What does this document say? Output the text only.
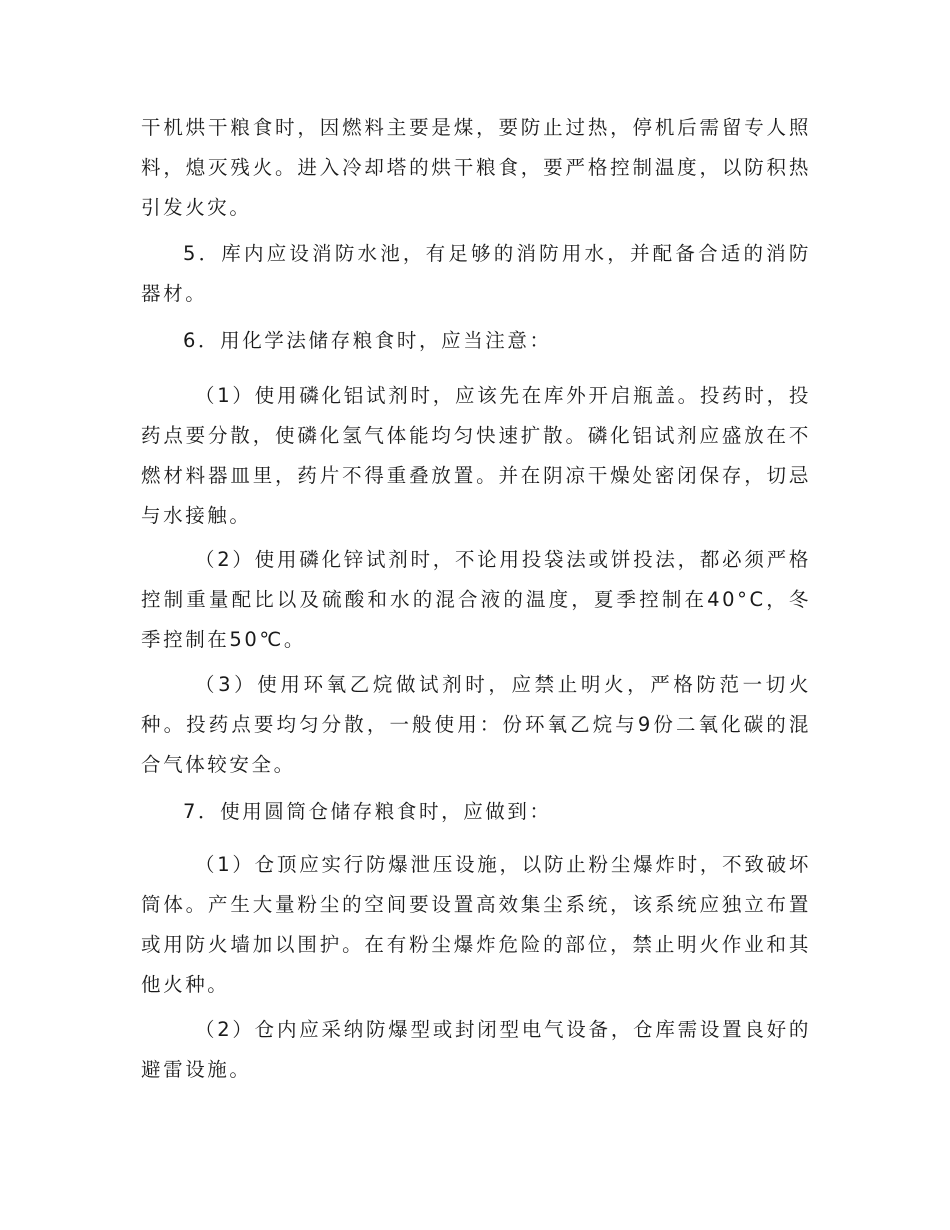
干机烘干粮食时，因燃料主要是煤，要防止过热，停机后需留专人照料，熄灭残火。进入冷却塔的烘干粮食，要严格控制温度，以防积热引发火灾。

5．库内应设消防水池，有足够的消防用水，并配备合适的消防器材。

6．用化学法储存粮食时，应当注意：

（1）使用磷化铝试剂时，应该先在库外开启瓶盖。投药时，投药点要分散，使磷化氢气体能均匀快速扩散。磷化铝试剂应盛放在不燃材料器皿里，药片不得重叠放置。并在阴凉干燥处密闭保存，切忌与水接触。

（2）使用磷化锌试剂时，不论用投袋法或饼投法，都必须严格控制重量配比以及硫酸和水的混合液的温度，夏季控制在40°C，冬季控制在50℃。

（3）使用环氧乙烷做试剂时，应禁止明火，严格防范一切火种。投药点要均匀分散，一般使用：份环氧乙烷与9份二氧化碳的混合气体较安全。

7．使用圆筒仓储存粮食时，应做到：

（1）仓顶应实行防爆泄压设施，以防止粉尘爆炸时，不致破坏筒体。产生大量粉尘的空间要设置高效集尘系统，该系统应独立布置或用防火墙加以围护。在有粉尘爆炸危险的部位，禁止明火作业和其他火种。

（2）仓内应采纳防爆型或封闭型电气设备，仓库需设置良好的避雷设施。
